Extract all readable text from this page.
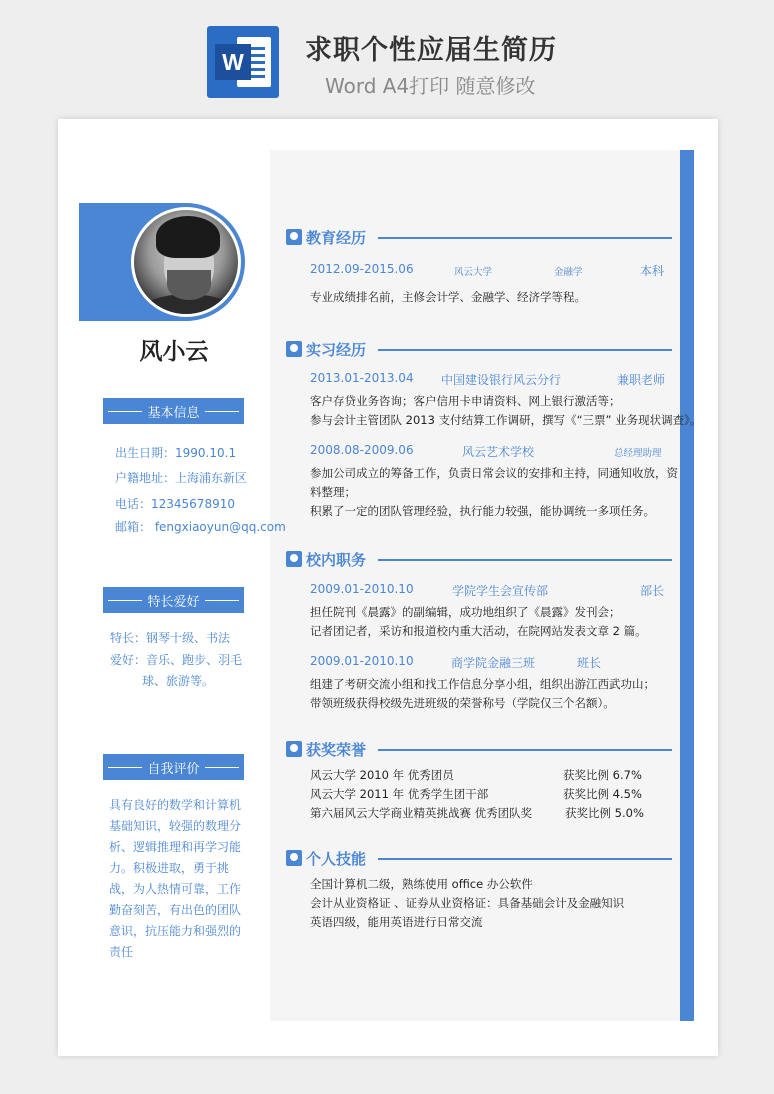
W 求职个性应届生简历
Word A4打印 随意修改
风小云
基本信息
出生日期：1990.10.1
户籍地址：上海浦东新区
电话：12345678910
邮箱： fengxiaoyun@qq.com
特长爱好
特长：钢琴十级、书法
爱好：音乐、跑步、羽毛
球、旅游等。
自我评价
具有良好的数学和计算机基础知识，较强的数理分析、逻辑推理和再学习能力。积极进取，勇于挑战，为人热情可靠，工作勤奋刻苦，有出色的团队意识，抗压能力和强烈的责任
教育经历
2012.09-2015.06	风云大学	金融学	本科
专业成绩排名前，主修会计学、金融学、经济学等程。
实习经历
2013.01-2013.04 中国建设银行风云分行	兼职老师
客户存贷业务咨询；客户信用卡申请资料、网上银行激活等；
参与会计主管团队 2013 支付结算工作调研，撰写《“三票” 业务现状调查》。
2008.08-2009.06	风云艺术学校	总经理助理
参加公司成立的筹备工作，负责日常会议的安排和主持，同通知收放，资
料整理；
积累了一定的团队管理经验，执行能力较强，能协调统一多项任务。
校内职务
2009.01-2010.10	学院学生会宣传部	部长
担任院刊《晨露》的副编辑，成功地组织了《晨露》发刊会；
记者团记者，采访和报道校内重大活动，在院网站发表文章 2 篇。
2009.01-2010.10	商学院金融三班	班长
组建了考研交流小组和找工作信息分享小组，组织出游江西武功山；
带领班级获得校级先进班级的荣誉称号（学院仅三个名额）。
获奖荣誉
风云大学 2010 年 优秀团员	获奖比例 6.7%
风云大学 2011 年 优秀学生团干部	获奖比例 4.5%
第六届风云大学商业精英挑战赛 优秀团队奖	获奖比例 5.0%
个人技能
全国计算机二级，熟练使用 office 办公软件
会计从业资格证 、证券从业资格证：具备基础会计及金融知识
英语四级，能用英语进行日常交流
